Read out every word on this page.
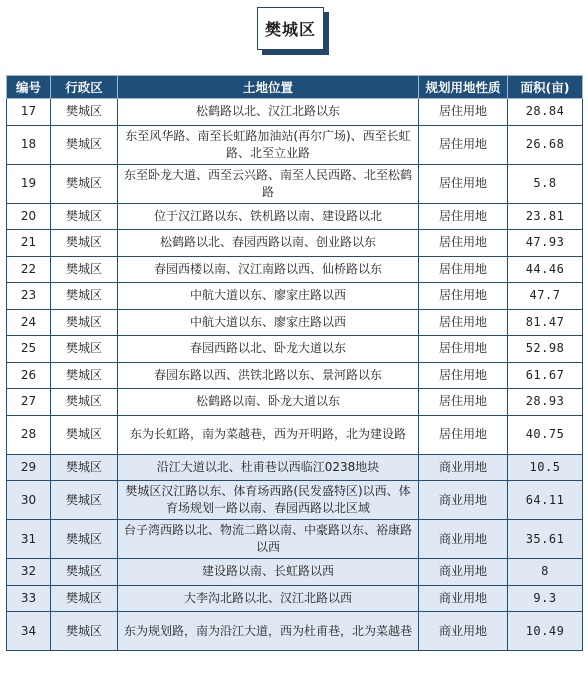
樊城区
编号	行政区	土地位置	规划用地性质	面积(亩)
17	樊城区	松鹤路以北、汉江北路以东	居住用地	28.84
18	樊城区	东至风华路、南至长虹路加油站(再尔广场)、西至长虹路、北至立业路	居住用地	26.68
19	樊城区	东至卧龙大道、西至云兴路、南至人民西路、北至松鹤路	居住用地	5.8
20	樊城区	位于汉江路以东、铁机路以南、建设路以北	居住用地	23.81
21	樊城区	松鹤路以北、春园西路以南、创业路以东	居住用地	47.93
22	樊城区	春园西楼以南、汉江南路以西、仙桥路以东	居住用地	44.46
23	樊城区	中航大道以东、廖家庄路以西	居住用地	47.7
24	樊城区	中航大道以东、廖家庄路以西	居住用地	81.47
25	樊城区	春园西路以北、卧龙大道以东	居住用地	52.98
26	樊城区	春园东路以西、洪铁北路以东、景河路以东	居住用地	61.67
27	樊城区	松鹤路以南、卧龙大道以东	居住用地	28.93
28	樊城区	东为长虹路，南为菜越巷，西为开明路，北为建设路	居住用地	40.75
29	樊城区	沿江大道以北、杜甫巷以西临江0238地块	商业用地	10.5
30	樊城区	樊城区汉江路以东、体育场西路(民发盛特区)以西、体育场规划一路以南、春园西路以北区域	商业用地	64.11
31	樊城区	台子湾西路以北、物流二路以南、中豪路以东、裕康路以西	商业用地	35.61
32	樊城区	建设路以南、长虹路以西	商业用地	8
33	樊城区	大李沟北路以北、汉江北路以西	商业用地	9.3
34	樊城区	东为规划路，南为沿江大道，西为杜甫巷，北为菜越巷	商业用地	10.49
